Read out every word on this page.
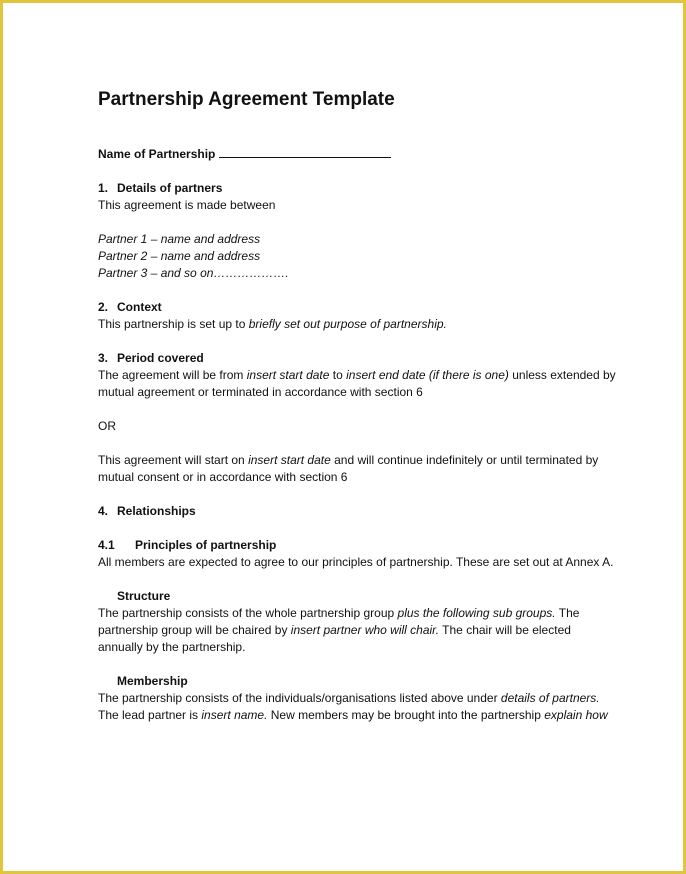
Partnership Agreement Template
Name of Partnership
1. Details of partners

This agreement is made between

Partner 1 – name and address

Partner 2 – name and address

Partner 3 – and so on……………….

2. Context

This partnership is set up to briefly set out purpose of partnership.

3. Period covered

The agreement will be from insert start date to insert end date (if there is one) unless extended by mutual agreement or terminated in accordance with section 6

OR

This agreement will start on insert start date and will continue indefinitely or until terminated by mutual consent or in accordance with section 6

4. Relationships
4.1 Principles of partnership

All members are expected to agree to our principles of partnership. These are set out at Annex A.

Structure

The partnership consists of the whole partnership group plus the following sub groups. The partnership group will be chaired by insert partner who will chair. The chair will be elected annually by the partnership.

Membership

The partnership consists of the individuals/organisations listed above under details of partners. The lead partner is insert name. New members may be brought into the partnership explain how
